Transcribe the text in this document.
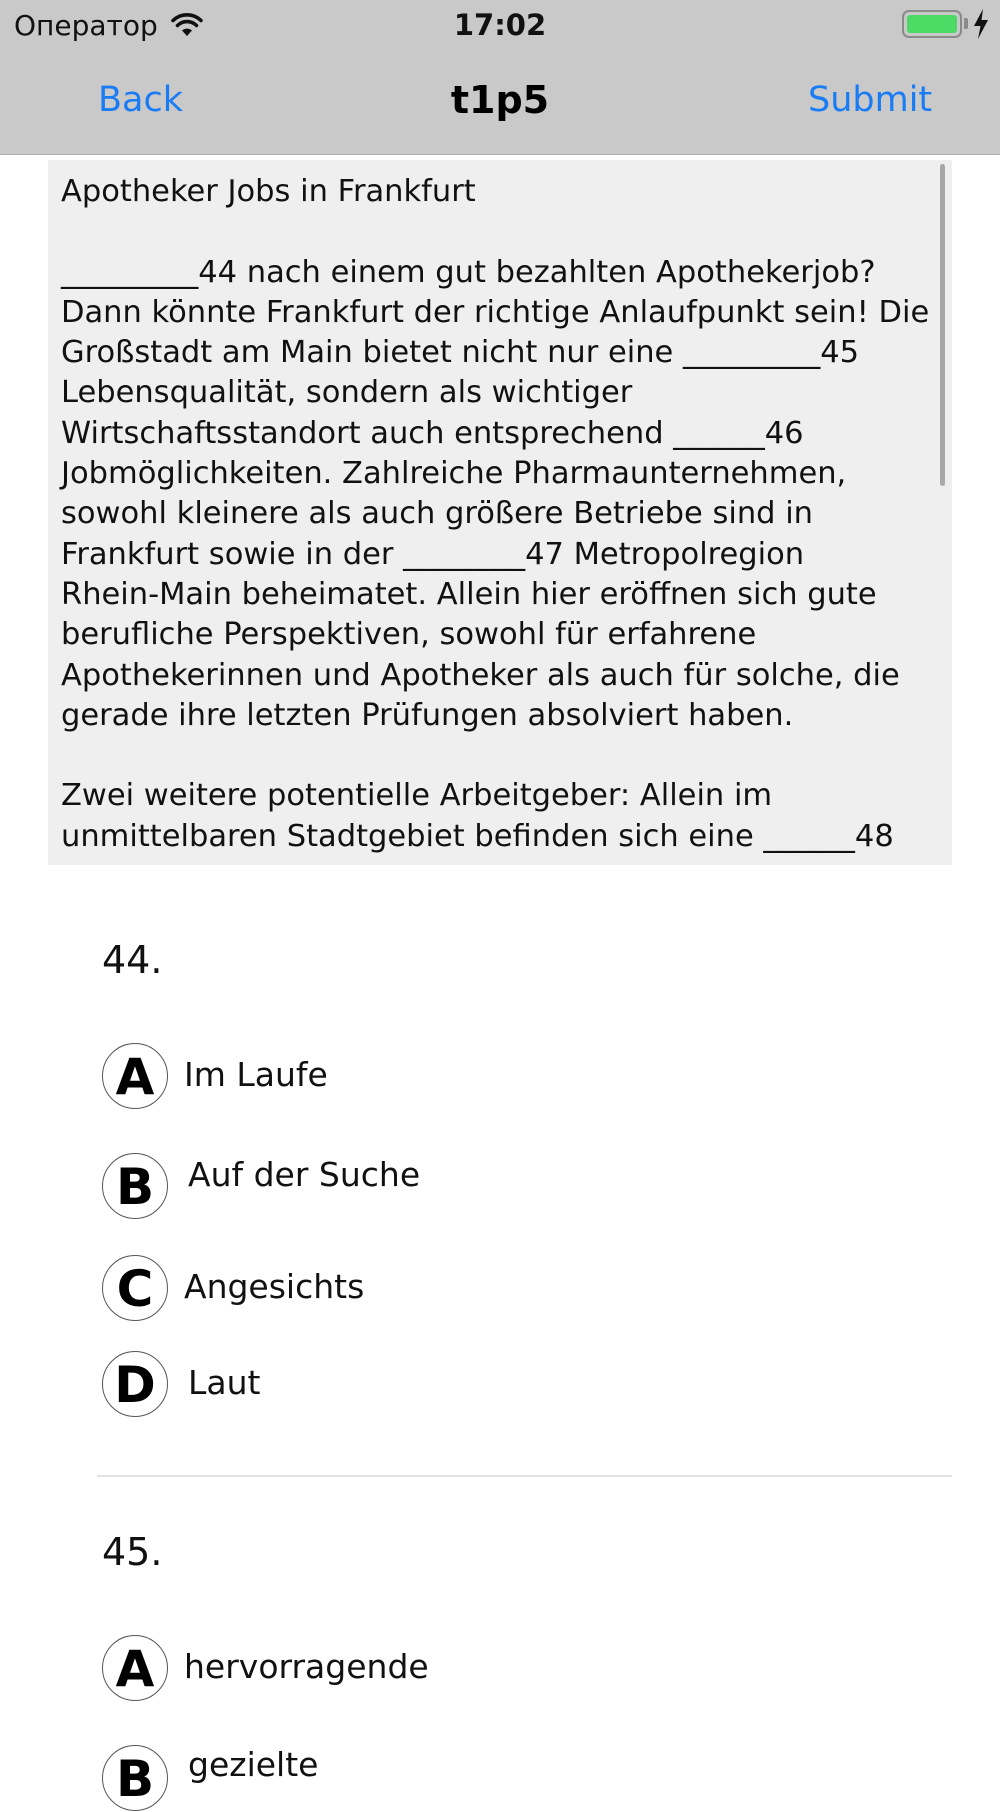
Оператор	17:02
Back	t1p5	Submit
Apotheker Jobs in Frankfurt

_________44 nach einem gut bezahlten Apothekerjob?
Dann könnte Frankfurt der richtige Anlaufpunkt sein! Die
Großstadt am Main bietet nicht nur eine _________45
Lebensqualität, sondern als wichtiger
Wirtschaftsstandort auch entsprechend ______46
Jobmöglichkeiten. Zahlreiche Pharmaunternehmen,
sowohl kleinere als auch größere Betriebe sind in
Frankfurt sowie in der ________47 Metropolregion
Rhein-Main beheimatet. Allein hier eröffnen sich gute
berufliche Perspektiven, sowohl für erfahrene
Apothekerinnen und Apotheker als auch für solche, die
gerade ihre letzten Prüfungen absolviert haben.

Zwei weitere potentielle Arbeitgeber: Allein im
unmittelbaren Stadtgebiet befinden sich eine ______48
44.
A Im Laufe
B	Auf der Suche
C Angesichts
D Laut
45.
A hervorragende
B	gezielte
